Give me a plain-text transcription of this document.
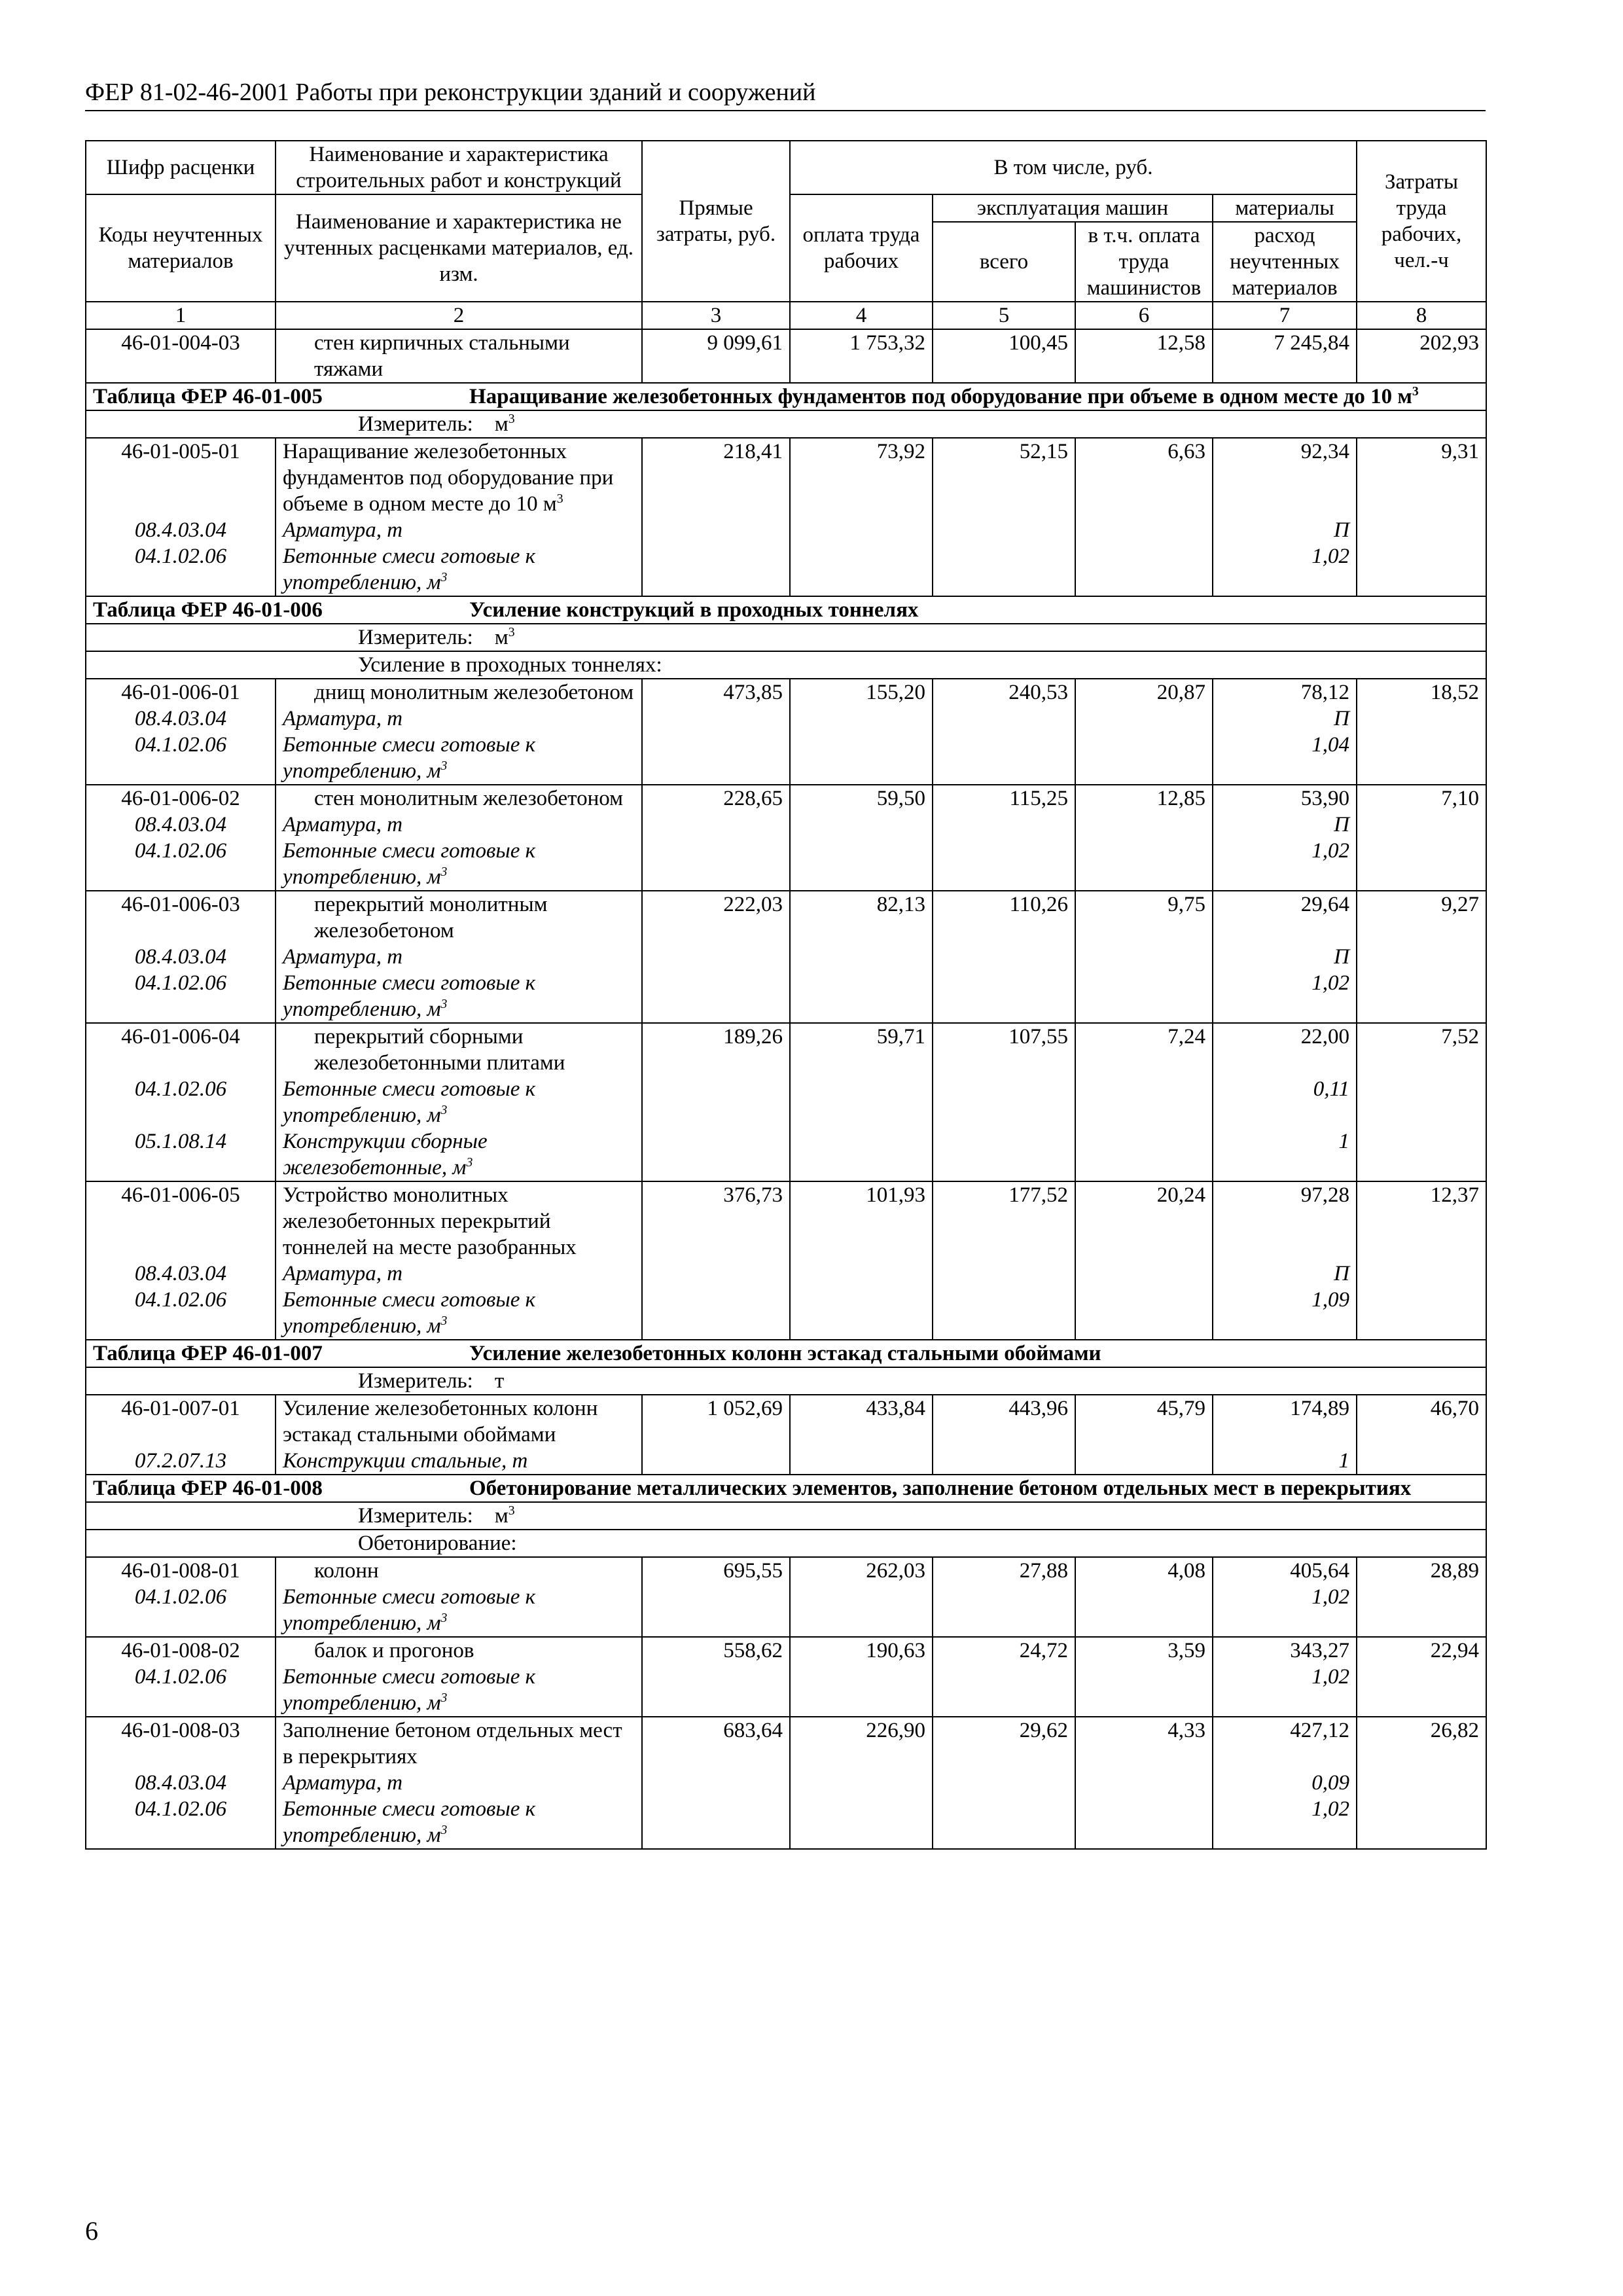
ФЕР 81-02-46-2001 Работы при реконструкции зданий и сооружений
Шифр расценки	Наименование и характеристика строительных работ и конструкций	Прямые затраты, руб.	В том числе, руб.				Затраты труда рабочих, чел.-ч
Коды неучтенных материалов	Наименование и характеристика не учтенных расценками материалов, ед. изм.		оплата труда рабочих	эксплуатация машин		материалы	
				всего	в т.ч. оплата труда машинистов	расход неучтенных материалов	
1	2	3	4	5	6	7	8
46-01-004-03	стен кирпичных стальными тяжами	9 099,61	1 753,32	100,45	12,58	7 245,84	202,93
Таблица ФЕР 46-01-005 Наращивание железобетонных фундаментов под оборудование при объеме в одном месте до 10 $м^3$
Измеритель: $м^3$
46-01-005-01	Наращивание железобетонных фундаментов под оборудование при объеме в одном месте до 10 $м^3$	218,41	73,92	52,15	6,63	92,34	9,31
08.4.03.04	Арматура, т					П	
04.1.02.06	Бетонные смеси готовые к употреблению, $м^3$					1,02	
Таблица ФЕР 46-01-006 Усиление конструкций в проходных тоннелях							
Измеритель: $м^3$
Усиление в проходных тоннелях:							
46-01-006-01	днищ монолитным железобетоном	473,85	155,20	240,53	20,87	78,12	18,52
08.4.03.04	Арматура, т					П	
04.1.02.06	Бетонные смеси готовые к употреблению, $м^3$					1,04	
46-01-006-02	стен монолитным железобетоном	228,65	59,50	115,25	12,85	53,90	7,10
08.4.03.04	Арматура, т					П	
04.1.02.06	Бетонные смеси готовые к употреблению, $м^3$					1,02	
46-01-006-03	перекрытий монолитным железобетоном	222,03	82,13	110,26	9,75	29,64	9,27
08.4.03.04	Арматура, т					П	
04.1.02.06	Бетонные смеси готовые к употреблению, $м^3$					1,02	
46-01-006-04	перекрытий сборными железобетонными плитами	189,26	59,71	107,55	7,24	22,00	7,52
04.1.02.06	Бетонные смеси готовые к употреблению, $м^3$					0,11	
05.1.08.14	Конструкции сборные железобетонные, $м^3$					1	
46-01-006-05	Устройство монолитных железобетонных перекрытий тоннелей на месте разобранных	376,73	101,93	177,52	20,24	97,28	12,37
08.4.03.04	Арматура, т					П	
04.1.02.06	Бетонные смеси готовые к употреблению, $м^3$					1,09	
Таблица ФЕР 46-01-007 Усиление железобетонных колонн эстакад стальными обоймами							
Измеритель: т							
46-01-007-01	Усиление железобетонных колонн эстакад стальными обоймами	1 052,69	433,84	443,96	45,79	174,89	46,70
07.2.07.13	Конструкции стальные, т					1	
Таблица ФЕР 46-01-008 Обетонирование металлических элементов, заполнение бетоном отдельных мест в перекрытиях							
Измеритель: $м^3$
Обетонирование:							
46-01-008-01	колонн	695,55	262,03	27,88	4,08	405,64	28,89
04.1.02.06	Бетонные смеси готовые к употреблению, $м^3$					1,02	
46-01-008-02	балок и прогонов	558,62	190,63	24,72	3,59	343,27	22,94
04.1.02.06	Бетонные смеси готовые к употреблению, $м^3$					1,02	
46-01-008-03	Заполнение бетоном отдельных мест в перекрытиях	683,64	226,90	29,62	4,33	427,12	26,82
08.4.03.04	Арматура, т					0,09	
04.1.02.06	Бетонные смеси готовые к употреблению, $м^3$					1,02	
6
